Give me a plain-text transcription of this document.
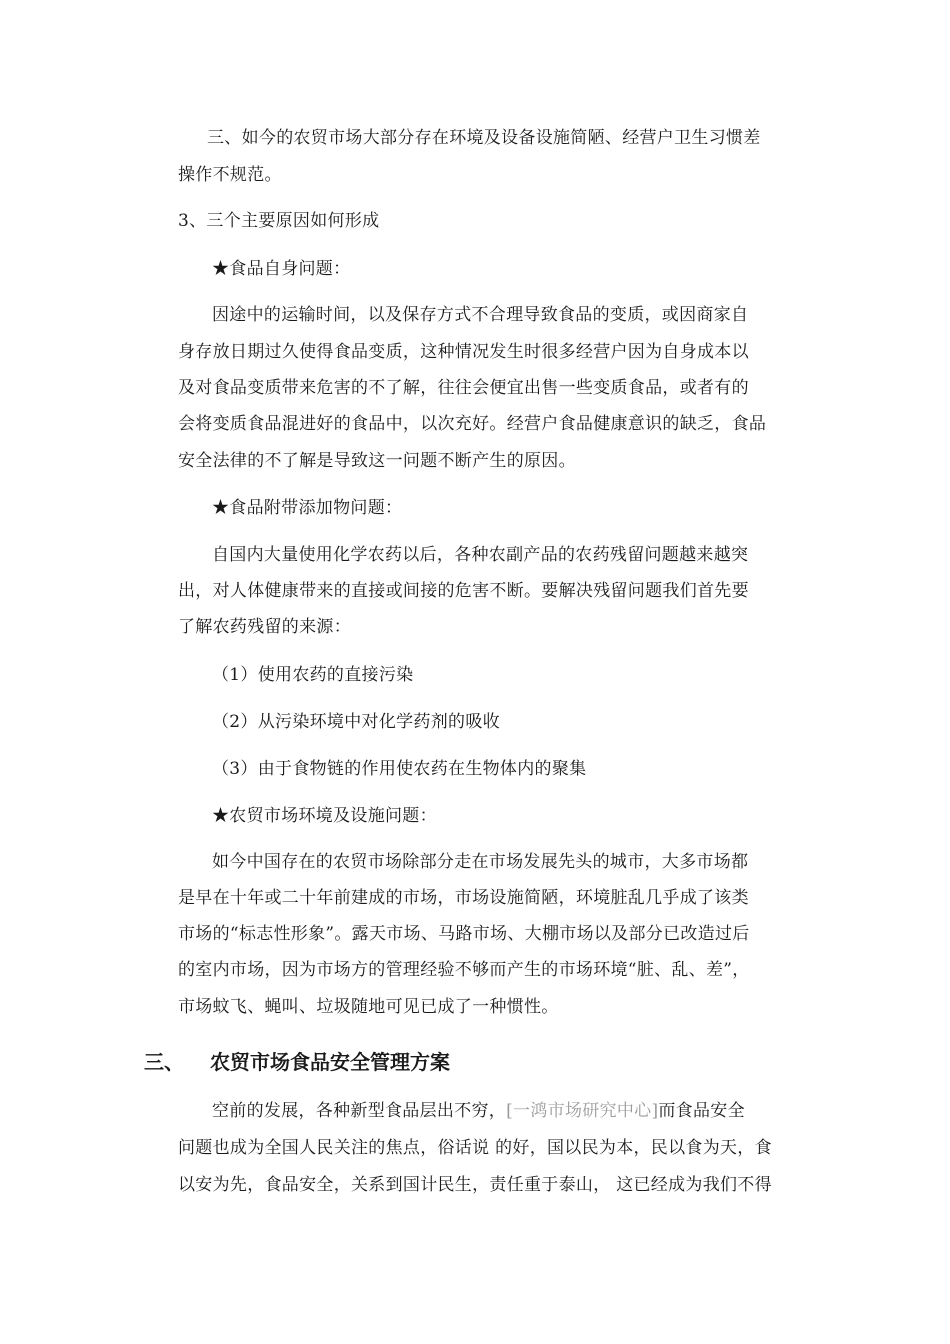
三、如今的农贸市场大部分存在环境及设备设施简陋、经营户卫生习惯差
操作不规范。
3、三个主要原因如何形成
★食品自身问题：
因途中的运输时间，以及保存方式不合理导致食品的变质，或因商家自
身存放日期过久使得食品变质，这种情况发生时很多经营户因为自身成本以
及对食品变质带来危害的不了解，往往会便宜出售一些变质食品，或者有的
会将变质食品混进好的食品中，以次充好。经营户食品健康意识的缺乏，食品
安全法律的不了解是导致这一问题不断产生的原因。
★食品附带添加物问题：
自国内大量使用化学农药以后，各种农副产品的农药残留问题越来越突
出，对人体健康带来的直接或间接的危害不断。要解决残留问题我们首先要
了解农药残留的来源：
（1）使用农药的直接污染
（2）从污染环境中对化学药剂的吸收
（3）由于食物链的作用使农药在生物体内的聚集
★农贸市场环境及设施问题：
如今中国存在的农贸市场除部分走在市场发展先头的城市，大多市场都
是早在十年或二十年前建成的市场，市场设施简陋，环境脏乱几乎成了该类
市场的“标志性形象”。露天市场、马路市场、大棚市场以及部分已改造过后
的室内市场，因为市场方的管理经验不够而产生的市场环境“脏、乱、差”，
市场蚊飞、蝇叫、垃圾随地可见已成了一种惯性。
三、 农贸市场食品安全管理方案
空前的发展，各种新型食品层出不穷，[一鸿市场研究中心]而食品安全
问题也成为全国人民关注的焦点，俗话说 的好，国以民为本，民以食为天，食
以安为先，食品安全，关系到国计民生，责任重于泰山， 这已经成为我们不得
